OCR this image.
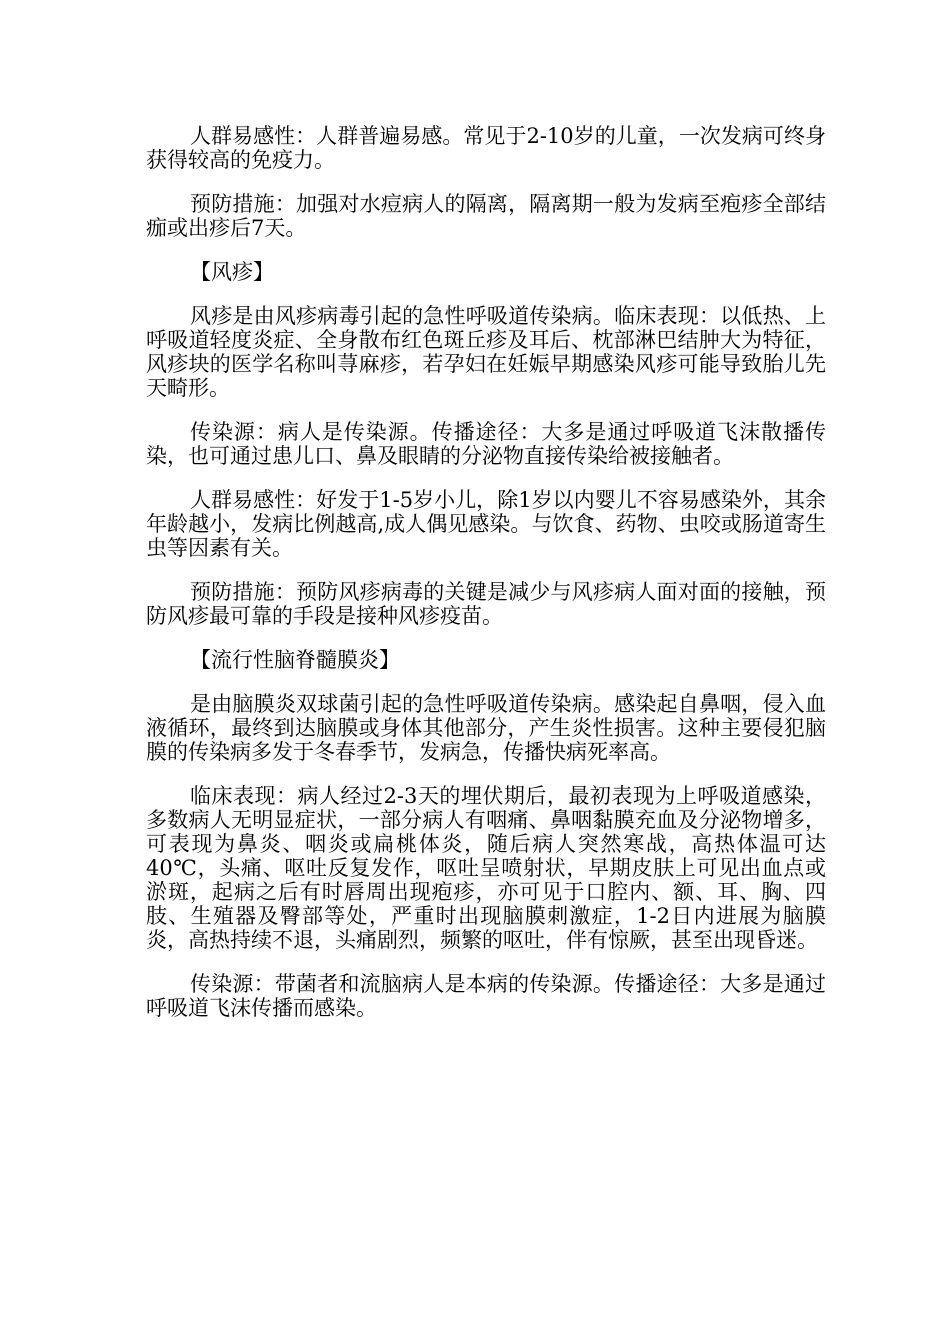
人群易感性：人群普遍易感。常见于2-10岁的儿童，一次发病可终身获得较高的免疫力。

预防措施：加强对水痘病人的隔离，隔离期一般为发病至疱疹全部结痂或出疹后7天。

【风疹】

风疹是由风疹病毒引起的急性呼吸道传染病。临床表现：以低热、上呼吸道轻度炎症、全身散布红色斑丘疹及耳后、枕部淋巴结肿大为特征，风疹块的医学名称叫荨麻疹，若孕妇在妊娠早期感染风疹可能导致胎儿先天畸形。

传染源：病人是传染源。传播途径：大多是通过呼吸道飞沫散播传染，也可通过患儿口、鼻及眼睛的分泌物直接传染给被接触者。

人群易感性：好发于1-5岁小儿，除1岁以内婴儿不容易感染外，其余年龄越小，发病比例越高,成人偶见感染。与饮食、药物、虫咬或肠道寄生虫等因素有关。

预防措施：预防风疹病毒的关键是减少与风疹病人面对面的接触，预防风疹最可靠的手段是接种风疹疫苗。

【流行性脑脊髓膜炎】

是由脑膜炎双球菌引起的急性呼吸道传染病。感染起自鼻咽，侵入血液循环，最终到达脑膜或身体其他部分，产生炎性损害。这种主要侵犯脑膜的传染病多发于冬春季节，发病急，传播快病死率高。

临床表现：病人经过2-3天的埋伏期后，最初表现为上呼吸道感染，多数病人无明显症状，一部分病人有咽痛、鼻咽黏膜充血及分泌物增多，可表现为鼻炎、咽炎或扁桃体炎，随后病人突然寒战，高热体温可达40℃，头痛、呕吐反复发作，呕吐呈喷射状，早期皮肤上可见出血点或淤斑，起病之后有时唇周出现疱疹，亦可见于口腔内、额、耳、胸、四肢、生殖器及臀部等处，严重时出现脑膜刺激症，1-2日内进展为脑膜炎，高热持续不退，头痛剧烈，频繁的呕吐，伴有惊厥，甚至出现昏迷。

传染源：带菌者和流脑病人是本病的传染源。传播途径：大多是通过呼吸道飞沫传播而感染。
